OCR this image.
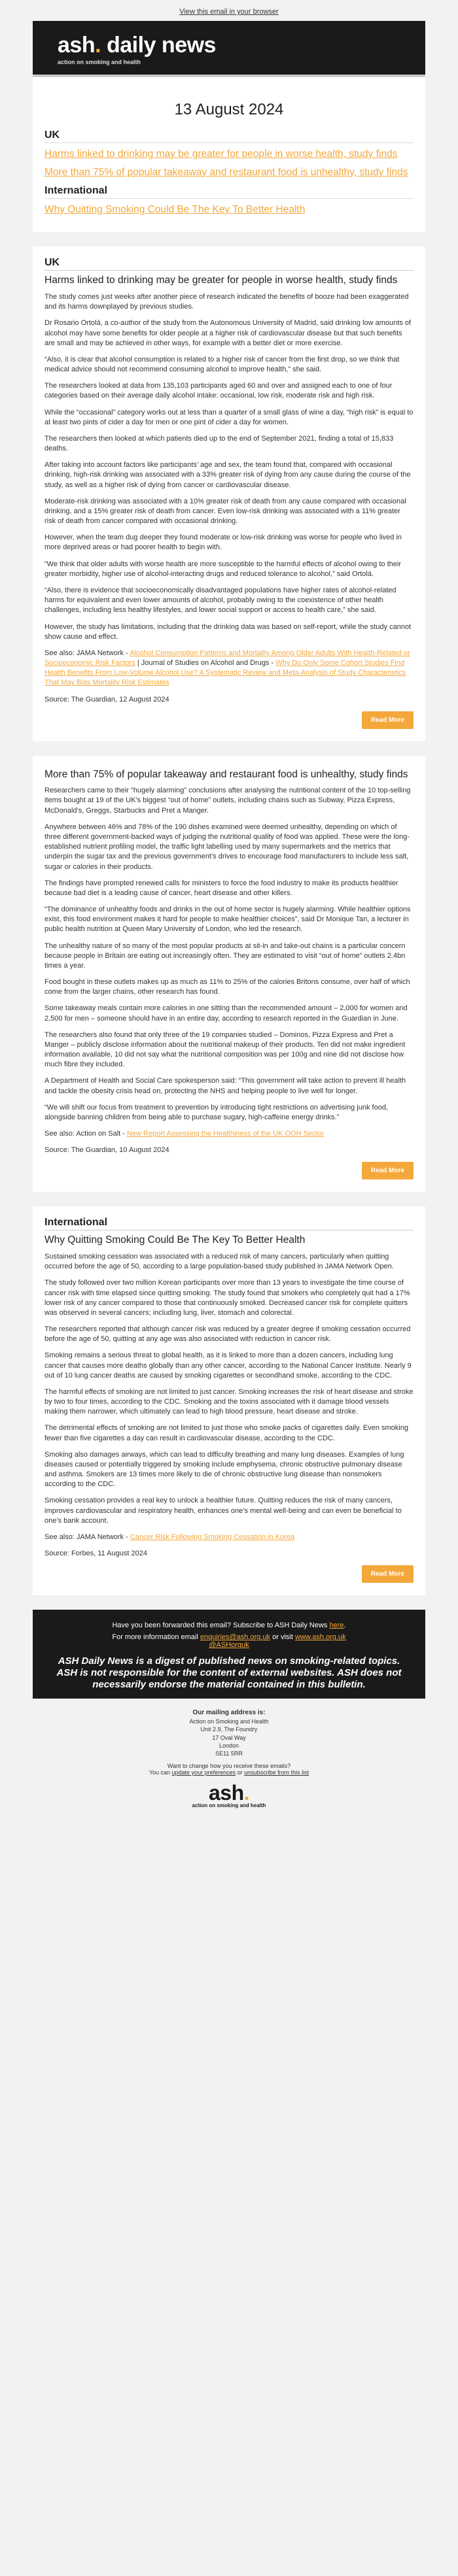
View this email in your browser
ash. daily news
action on smoking and health
13 August 2024
UK
Harms linked to drinking may be greater for people in worse health, study finds
More than 75% of popular takeaway and restaurant food is unhealthy, study finds
International
Why Quitting Smoking Could Be The Key To Better Health
UK
Harms linked to drinking may be greater for people in worse health, study finds

The study comes just weeks after another piece of research indicated the benefits of booze had been exaggerated and its harms downplayed by previous studies.

Dr Rosario Ortolá, a co-author of the study from the Autonomous University of Madrid, said drinking low amounts of alcohol may have some benefits for older people at a higher risk of cardiovascular disease but that such benefits are small and may be achieved in other ways, for example with a better diet or more exercise.

“Also, it is clear that alcohol consumption is related to a higher risk of cancer from the first drop, so we think that medical advice should not recommend consuming alcohol to improve health,” she said.

The researchers looked at data from 135,103 participants aged 60 and over and assigned each to one of four categories based on their average daily alcohol intake: occasional, low risk, moderate risk and high risk.

While the “occasional” category works out at less than a quarter of a small glass of wine a day, “high risk” is equal to at least two pints of cider a day for men or one pint of cider a day for women.

The researchers then looked at which patients died up to the end of September 2021, finding a total of 15,833 deaths.

After taking into account factors like participants’ age and sex, the team found that, compared with occasional drinking, high-risk drinking was associated with a 33% greater risk of dying from any cause during the course of the study, as well as a higher risk of dying from cancer or cardiovascular disease.

Moderate-risk drinking was associated with a 10% greater risk of death from any cause compared with occasional drinking, and a 15% greater risk of death from cancer. Even low-risk drinking was associated with a 11% greater risk of death from cancer compared with occasional drinking.

However, when the team dug deeper they found moderate or low-risk drinking was worse for people who lived in more deprived areas or had poorer health to begin with.

“We think that older adults with worse health are more susceptible to the harmful effects of alcohol owing to their greater morbidity, higher use of alcohol-interacting drugs and reduced tolerance to alcohol,” said Ortolá.

“Also, there is evidence that socioeconomically disadvantaged populations have higher rates of alcohol-related harms for equivalent and even lower amounts of alcohol, probably owing to the coexistence of other health challenges, including less healthy lifestyles, and lower social support or access to health care,” she said.

However, the study has limitations, including that the drinking data was based on self-report, while the study cannot show cause and effect.

See also: JAMA Network - Alcohol Consumption Patterns and Mortality Among Older Adults With Health-Related or Socioeconomic Risk Factors | Journal of Studies on Alcohol and Drugs - Why Do Only Some Cohort Studies Find Health Benefits From Low-Volume Alcohol Use? A Systematic Review and Meta-Analysis of Study Characteristics That May Bias Mortality Risk Estimates

Source: The Guardian, 12 August 2024

Read More
More than 75% of popular takeaway and restaurant food is unhealthy, study finds

Researchers came to their “hugely alarming” conclusions after analysing the nutritional content of the 10 top-selling items bought at 19 of the UK’s biggest “out of home” outlets, including chains such as Subway, Pizza Express, McDonald’s, Greggs, Starbucks and Pret a Manger.

Anywhere between 46% and 78% of the 190 dishes examined were deemed unhealthy, depending on which of three different government-backed ways of judging the nutritional quality of food was applied. These were the long-established nutrient profiling model, the traffic light labelling used by many supermarkets and the metrics that underpin the sugar tax and the previous government’s drives to encourage food manufacturers to include less salt, sugar or calories in their products.

The findings have prompted renewed calls for ministers to force the food industry to make its products healthier because bad diet is a leading cause of cancer, heart disease and other killers.

“The dominance of unhealthy foods and drinks in the out of home sector is hugely alarming. While healthier options exist, this food environment makes it hard for people to make healthier choices”, said Dr Monique Tan, a lecturer in public health nutrition at Queen Mary University of London, who led the research.

The unhealthy nature of so many of the most popular products at sit-in and take-out chains is a particular concern because people in Britain are eating out increasingly often. They are estimated to visit “out of home” outlets 2.4bn times a year.

Food bought in these outlets makes up as much as 11% to 25% of the calories Britons consume, over half of which come from the larger chains, other research has found.

Some takeaway meals contain more calories in one sitting than the recommended amount – 2,000 for women and 2,500 for men – someone should have in an entire day, according to research reported in the Guardian in June.

The researchers also found that only three of the 19 companies studied – Dominos, Pizza Express and Pret a Manger – publicly disclose information about the nutritional makeup of their products. Ten did not make ingredient information available, 10 did not say what the nutritional composition was per 100g and nine did not disclose how much fibre they included.

A Department of Health and Social Care spokesperson said: “This government will take action to prevent ill health and tackle the obesity crisis head on, protecting the NHS and helping people to live well for longer.

“We will shift our focus from treatment to prevention by introducing tight restrictions on advertising junk food, alongside banning children from being able to purchase sugary, high-caffeine energy drinks.”

See also: Action on Salt - New Report Assessing the Healthiness of the UK OOH Sector

Source: The Guardian, 10 August 2024

Read More
International
Why Quitting Smoking Could Be The Key To Better Health

Sustained smoking cessation was associated with a reduced risk of many cancers, particularly when quitting occurred before the age of 50, according to a large population-based study published in JAMA Network Open.

The study followed over two million Korean participants over more than 13 years to investigate the time course of cancer risk with time elapsed since quitting smoking. The study found that smokers who completely quit had a 17% lower risk of any cancer compared to those that continuously smoked. Decreased cancer risk for complete quitters was observed in several cancers; including lung, liver, stomach and colorectal.

The researchers reported that although cancer risk was reduced by a greater degree if smoking cessation occurred before the age of 50, quitting at any age was also associated with reduction in cancer risk.

Smoking remains a serious threat to global health, as it is linked to more than a dozen cancers, including lung cancer that causes more deaths globally than any other cancer, according to the National Cancer Institute. Nearly 9 out of 10 lung cancer deaths are caused by smoking cigarettes or secondhand smoke, according to the CDC.

The harmful effects of smoking are not limited to just cancer. Smoking increases the risk of heart disease and stroke by two to four times, according to the CDC. Smoking and the toxins associated with it damage blood vessels making them narrower, which ultimately can lead to high blood pressure, heart disease and stroke.

The detrimental effects of smoking are not limited to just those who smoke packs of cigarettes daily. Even smoking fewer than five cigarettes a day can result in cardiovascular disease, according to the CDC.

Smoking also damages airways, which can lead to difficulty breathing and many lung diseases. Examples of lung diseases caused or potentially triggered by smoking include emphysema, chronic obstructive pulmonary disease and asthma. Smokers are 13 times more likely to die of chronic obstructive lung disease than nonsmokers according to the CDC.

Smoking cessation provides a real key to unlock a healthier future. Quitting reduces the risk of many cancers, improves cardiovascular and respiratory health, enhances one’s mental well-being and can even be beneficial to one’s bank account.

See also: JAMA Network - Cancer Risk Following Smoking Cessation in Korea

Source: Forbes, 11 August 2024

Read More
Have you been forwarded this email? Subscribe to ASH Daily News here.
For more information email enquiries@ash.org.uk or visit www.ash.org.uk
@ASHorguk
ASH Daily News is a digest of published news on smoking-related topics.
ASH is not responsible for the content of external websites. ASH does not necessarily endorse the material contained in this bulletin.
Our mailing address is:
Action on Smoking and Health
Unit 2.9, The Foundry
17 Oval Way
London
SE11 5RR
Want to change how you receive these emails?
You can update your preferences or unsubscribe from this list
ash.
action on smoking and health
